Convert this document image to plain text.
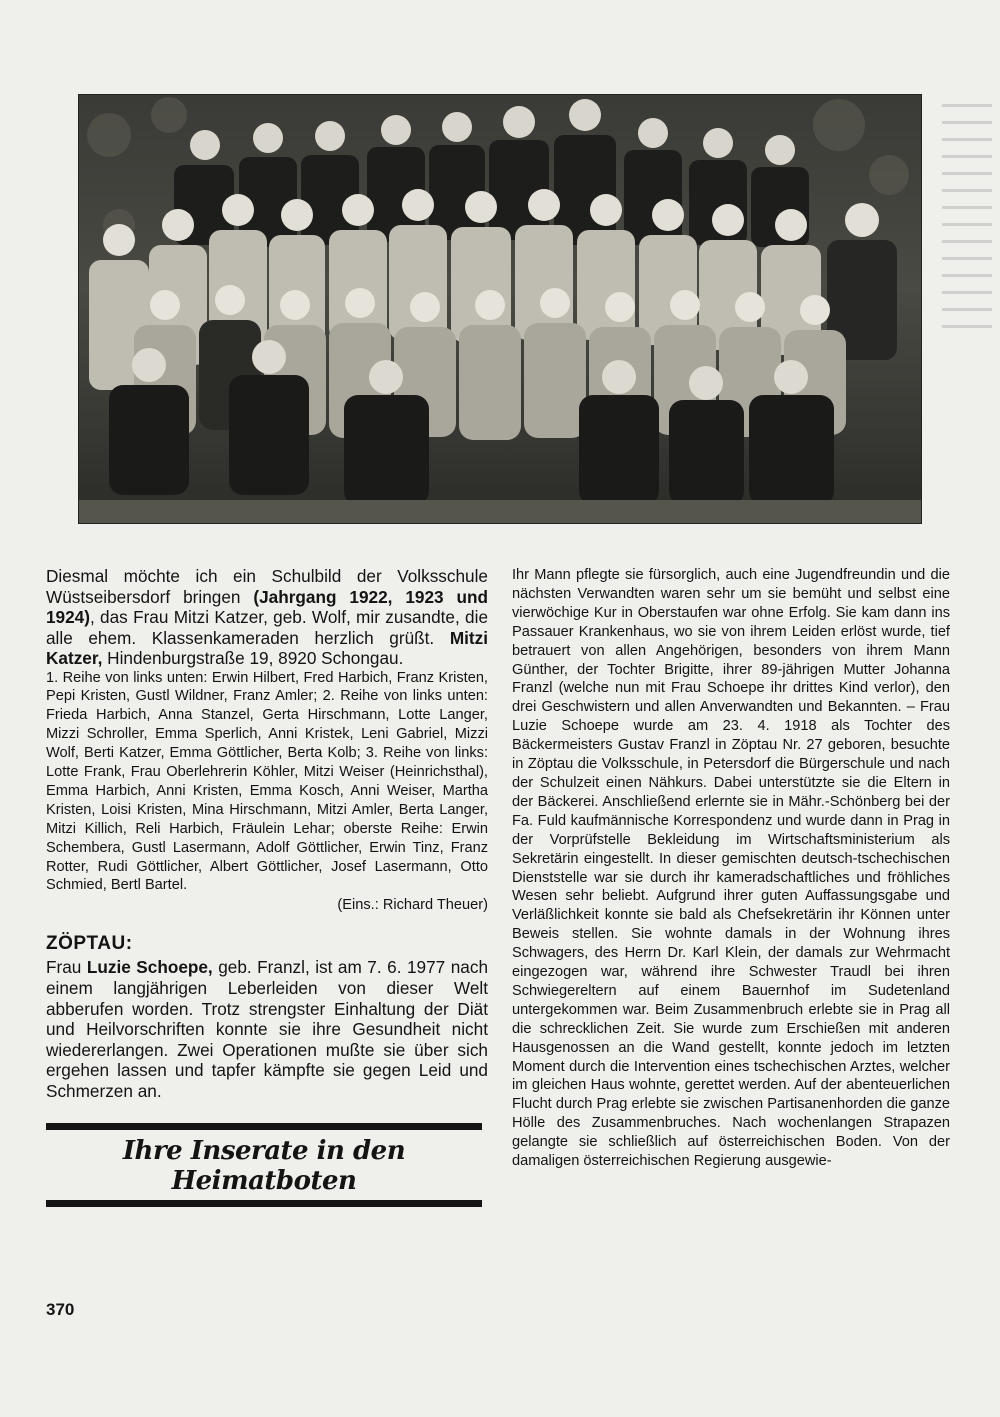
Diesmal möchte ich ein Schulbild der Volksschule Wüstseibersdorf bringen (Jahrgang 1922, 1923 und 1924), das Frau Mitzi Katzer, geb. Wolf, mir zusandte, die alle ehem. Klassenkameraden herzlich grüßt. Mitzi Katzer, Hindenburgstraße 19, 8920 Schongau.

1. Reihe von links unten: Erwin Hilbert, Fred Harbich, Franz Kristen, Pepi Kristen, Gustl Wildner, Franz Amler; 2. Reihe von links unten: Frieda Harbich, Anna Stanzel, Gerta Hirschmann, Lotte Langer, Mizzi Schroller, Emma Sperlich, Anni Kristek, Leni Gabriel, Mizzi Wolf, Berti Katzer, Emma Göttlicher, Berta Kolb; 3. Reihe von links: Lotte Frank, Frau Oberlehrerin Köhler, Mitzi Weiser (Heinrichsthal), Emma Harbich, Anni Kristen, Emma Kosch, Anni Weiser, Martha Kristen, Loisi Kristen, Mina Hirschmann, Mitzi Amler, Berta Langer, Mitzi Killich, Reli Harbich, Fräulein Lehar; oberste Reihe: Erwin Schembera, Gustl Lasermann, Adolf Göttlicher, Erwin Tinz, Franz Rotter, Rudi Göttlicher, Albert Göttlicher, Josef Lasermann, Otto Schmied, Bertl Bartel.

(Eins.: Richard Theuer)

ZÖPTAU:

Frau Luzie Schoepe, geb. Franzl, ist am 7. 6. 1977 nach einem langjährigen Leberleiden von dieser Welt abberufen worden. Trotz strengster Einhaltung der Diät und Heilvorschriften konnte sie ihre Gesundheit nicht wiedererlangen. Zwei Operationen mußte sie über sich ergehen lassen und tapfer kämpfte sie gegen Leid und Schmerzen an.

Ihre Inserate in den Heimatboten

Ihr Mann pflegte sie fürsorglich, auch eine Jugendfreundin und die nächsten Verwandten waren sehr um sie bemüht und selbst eine vierwöchige Kur in Oberstaufen war ohne Erfolg. Sie kam dann ins Passauer Krankenhaus, wo sie von ihrem Leiden erlöst wurde, tief betrauert von allen Angehörigen, besonders von ihrem Mann Günther, der Tochter Brigitte, ihrer 89-jährigen Mutter Johanna Franzl (welche nun mit Frau Schoepe ihr drittes Kind verlor), den drei Geschwistern und allen Anverwandten und Bekannten. – Frau Luzie Schoepe wurde am 23. 4. 1918 als Tochter des Bäckermeisters Gustav Franzl in Zöptau Nr. 27 geboren, besuchte in Zöptau die Volksschule, in Petersdorf die Bürgerschule und nach der Schulzeit einen Nähkurs. Dabei unterstützte sie die Eltern in der Bäckerei. Anschließend erlernte sie in Mähr.-Schönberg bei der Fa. Fuld kaufmännische Korrespondenz und wurde dann in Prag in der Vorprüfstelle Bekleidung im Wirtschaftsministerium als Sekretärin eingestellt. In dieser gemischten deutsch-tschechischen Dienststelle war sie durch ihr kameradschaftliches und fröhliches Wesen sehr beliebt. Aufgrund ihrer guten Auffassungsgabe und Verläßlichkeit konnte sie bald als Chefsekretärin ihr Können unter Beweis stellen. Sie wohnte damals in der Wohnung ihres Schwagers, des Herrn Dr. Karl Klein, der damals zur Wehrmacht eingezogen war, während ihre Schwester Traudl bei ihren Schwiegereltern auf einem Bauernhof im Sudetenland untergekommen war. Beim Zusammenbruch erlebte sie in Prag all die schrecklichen Zeit. Sie wurde zum Erschießen mit anderen Hausgenossen an die Wand gestellt, konnte jedoch im letzten Moment durch die Intervention eines tschechischen Arztes, welcher im gleichen Haus wohnte, gerettet werden. Auf der abenteuerlichen Flucht durch Prag erlebte sie zwischen Partisanenhorden die ganze Hölle des Zusammenbruches. Nach wochenlangen Strapazen gelangte sie schließlich auf österreichischen Boden. Von der damaligen österreichischen Regierung ausgewie-

370
